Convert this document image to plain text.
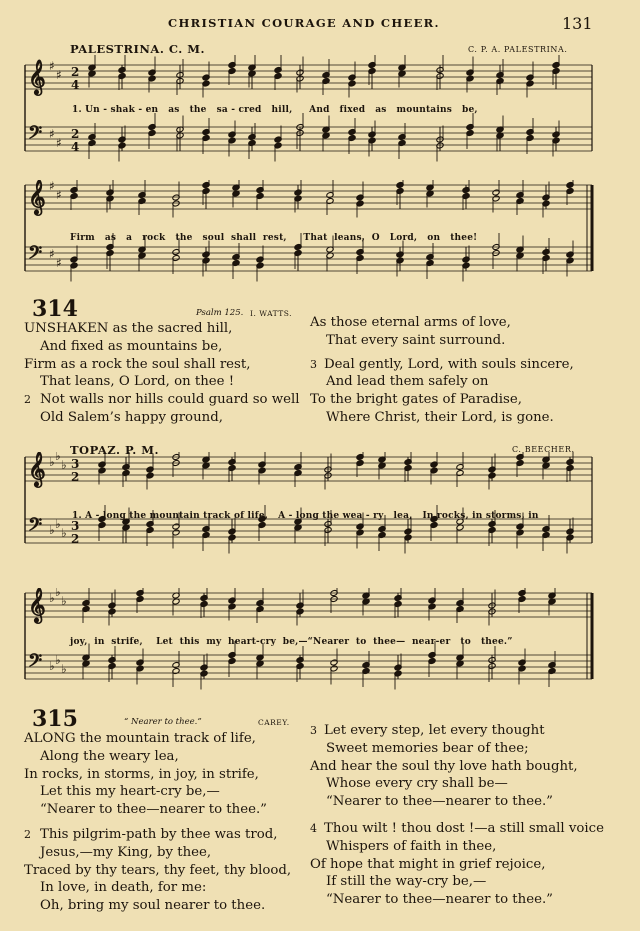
CHRISTIAN COURAGE AND CHEER.	131
PALESTRINA. C. M.	C. P. A. PALESTRINA.
𝄞 ♯
♯ 2
4
𝄢 ♯
♯
2
4
1. Un - shak - en   as   the   sa - cred   hill,     And   fixed   as   mountains   be,
𝄞 ♯
♯
𝄢 ♯
♯
Firm   as   a   rock   the   soul  shall  rest,     That  leans,  O   Lord,   on   thee!
314	Psalm 125. I. WATTS.
UNSHAKEN as the sacred hill,
And fixed as mountains be,
Firm as a rock the soul shall rest,
That leans, O Lord, on thee !
2 Not walls nor hills could guard so well
Old Salem’s happy ground,
As those eternal arms of love,
That every saint surround.
3 Deal gently, Lord, with souls sincere,
And lead them safely on
To the bright gates of Paradise,
Where Christ, their Lord, is gone.
TOPAZ. P. M.	C. BEECHER.
𝄞 ♭ ♭
♭ 3
2
𝄢 ♭ ♭
♭ 3
2
1. A - long the mountain track of life,   A - long the wea - ry   lea,   In rocks, in storms, in
𝄞 ♭ ♭
♭
𝄢 ♭ ♭
♭
joy,  in  strife,    Let  this  my  heart-cry  be,—“Nearer  to  thee—  near-er   to   thee.”
315	“ Nearer to thee.”	CAREY.
ALONG the mountain track of life,
Along the weary lea,
In rocks, in storms, in joy, in strife,
Let this my heart-cry be,—
“Nearer to thee—nearer to thee.”
2 This pilgrim-path by thee was trod,
Jesus,—my King, by thee,
Traced by thy tears, thy feet, thy blood,
In love, in death, for me:
Oh, bring my soul nearer to thee.
3 Let every step, let every thought
Sweet memories bear of thee;
And hear the soul thy love hath bought,
Whose every cry shall be—
“Nearer to thee—nearer to thee.”
4 Thou wilt ! thou dost !—a still small voice
Whispers of faith in thee,
Of hope that might in grief rejoice,
If still the way-cry be,—
“Nearer to thee—nearer to thee.”
